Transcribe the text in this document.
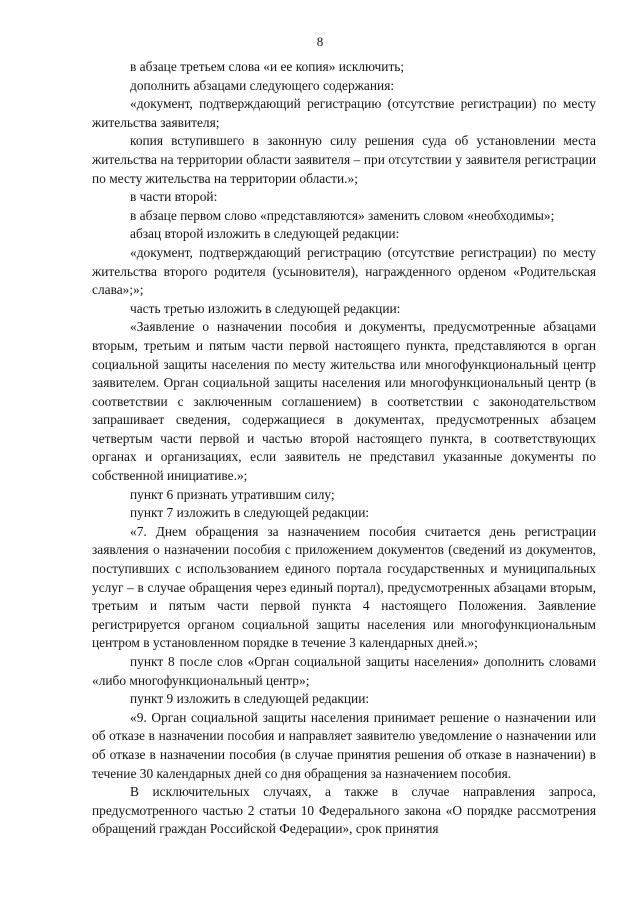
8

в абзаце третьем слова «и ее копия» исключить;

дополнить абзацами следующего содержания:

«документ, подтверждающий регистрацию (отсутствие регистрации) по месту жительства заявителя;

копия вступившего в законную силу решения суда об установлении места жительства на территории области заявителя – при отсутствии у заявителя регистрации по месту жительства на территории области.»;

в части второй:

в абзаце первом слово «представляются» заменить словом «необходимы»;

абзац второй изложить в следующей редакции:

«документ, подтверждающий регистрацию (отсутствие регистрации) по месту жительства второго родителя (усыновителя), награжденного орденом «Родительская слава»;»;

часть третью изложить в следующей редакции:

«Заявление о назначении пособия и документы, предусмотренные абзацами вторым, третьим и пятым части первой настоящего пункта, представляются в орган социальной защиты населения по месту жительства или многофункциональный центр заявителем. Орган социальной защиты населения или многофункциональный центр (в соответствии с заключенным соглашением) в соответствии с законодательством запрашивает сведения, содержащиеся в документах, предусмотренных абзацем четвертым части первой и частью второй настоящего пункта, в соответствующих органах и организациях, если заявитель не представил указанные документы по собственной инициативе.»;

пункт 6 признать утратившим силу;

пункт 7 изложить в следующей редакции:

«7. Днем обращения за назначением пособия считается день регистрации заявления о назначении пособия с приложением документов (сведений из документов, поступивших с использованием единого портала государственных и муниципальных услуг – в случае обращения через единый портал), предусмотренных абзацами вторым, третьим и пятым части первой пункта 4 настоящего Положения. Заявление регистрируется органом социальной защиты населения или многофункциональным центром в установленном порядке в течение 3 календарных дней.»;

пункт 8 после слов «Орган социальной защиты населения» дополнить словами «либо многофункциональный центр»;

пункт 9 изложить в следующей редакции:

«9. Орган социальной защиты населения принимает решение о назначении или об отказе в назначении пособия и направляет заявителю уведомление о назначении или об отказе в назначении пособия (в случае принятия решения об отказе в назначении) в течение 30 календарных дней со дня обращения за назначением пособия.

В исключительных случаях, а также в случае направления запроса, предусмотренного частью 2 статьи 10 Федерального закона «О порядке рассмотрения обращений граждан Российской Федерации», срок принятия
